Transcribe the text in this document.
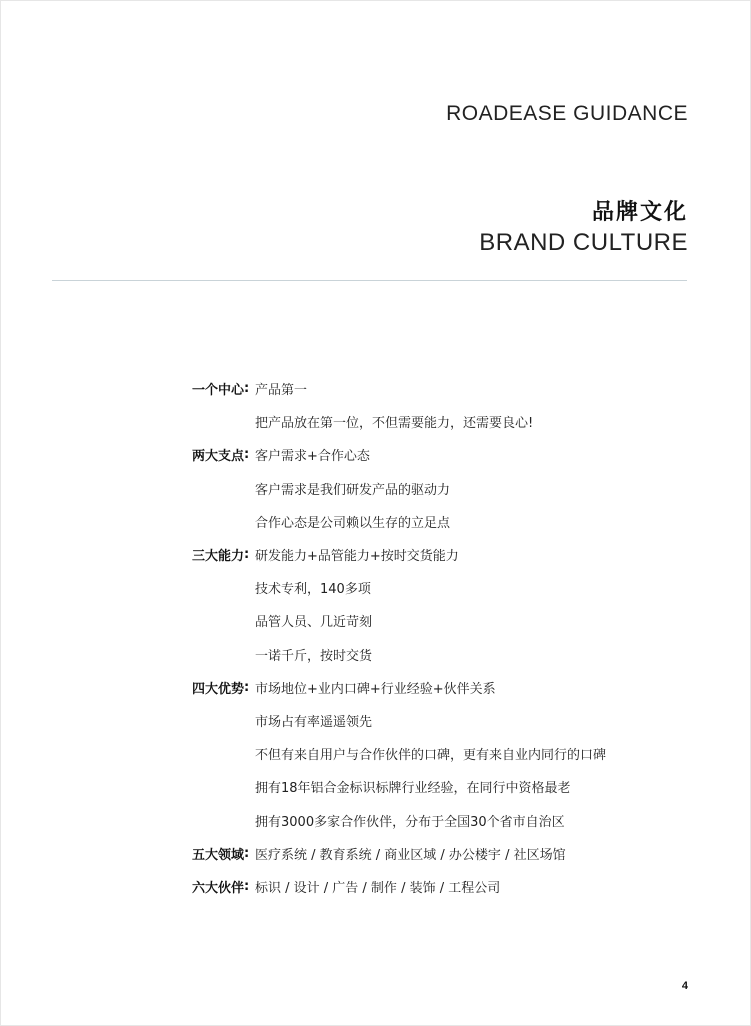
ROADEASE GUIDANCE
品牌文化
BRAND CULTURE
一个中心 : 产品第一
把产品放在第一位，不但需要能力，还需要良心!
两大支点 : 客户需求+合作心态
客户需求是我们研发产品的驱动力
合作心态是公司赖以生存的立足点
三大能力 : 研发能力+品管能力+按时交货能力
技术专利，140多项
品管人员、几近苛刻
一诺千斤，按时交货
四大优势 : 市场地位+业内口碑+行业经验+伙伴关系
市场占有率遥遥领先
不但有来自用户与合作伙伴的口碑，更有来自业内同行的口碑
拥有18年铝合金标识标牌行业经验，在同行中资格最老
拥有3000多家合作伙伴，分布于全国30个省市自治区
五大领域 : 医疗系统 / 教育系统 / 商业区域 / 办公楼宇 / 社区场馆
六大伙伴 : 标识 / 设计 / 广告 / 制作 / 装饰 / 工程公司
4
